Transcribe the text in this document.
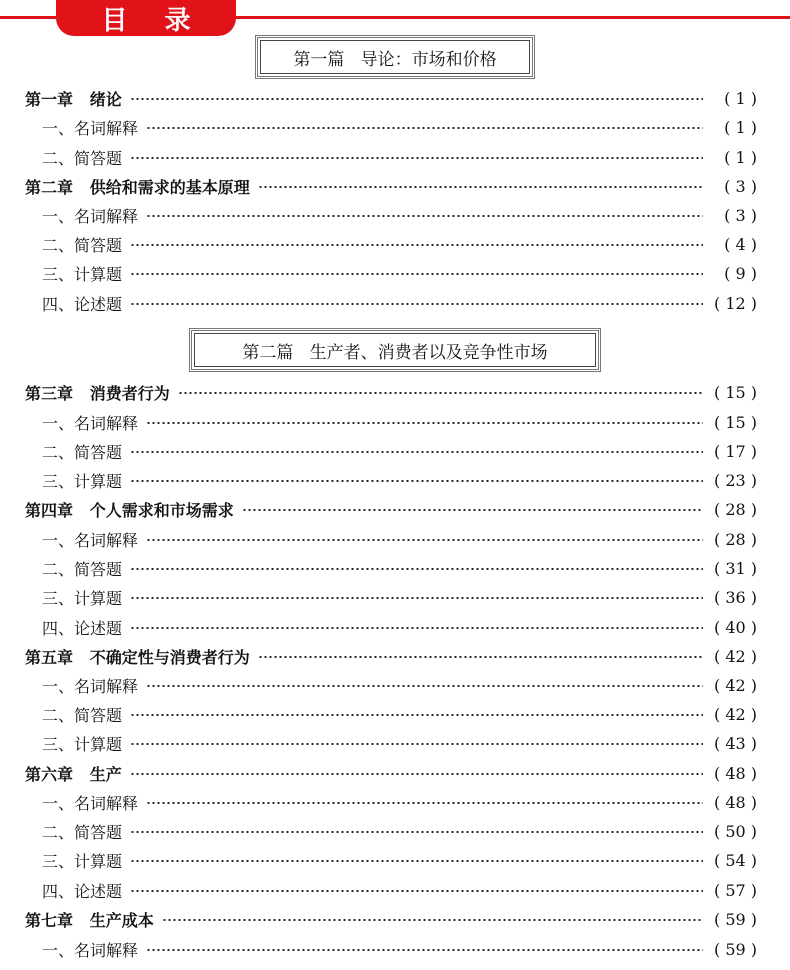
目 录
第一篇   导论：市场和价格
第二篇   生产者、消费者以及竞争性市场
第一章   绪论	( 1 )
一、名词解释	( 1 )
二、简答题	( 1 )
第二章   供给和需求的基本原理	( 3 )
一、名词解释	( 3 )
二、简答题	( 4 )
三、计算题	( 9 )
四、论述题	( 12 )
第三章   消费者行为	( 15 )
一、名词解释	( 15 )
二、简答题	( 17 )
三、计算题	( 23 )
第四章   个人需求和市场需求	( 28 )
一、名词解释	( 28 )
二、简答题	( 31 )
三、计算题	( 36 )
四、论述题	( 40 )
第五章   不确定性与消费者行为	( 42 )
一、名词解释	( 42 )
二、简答题	( 42 )
三、计算题	( 43 )
第六章   生产	( 48 )
一、名词解释	( 48 )
二、简答题	( 50 )
三、计算题	( 54 )
四、论述题	( 57 )
第七章   生产成本	( 59 )
一、名词解释	( 59 )
